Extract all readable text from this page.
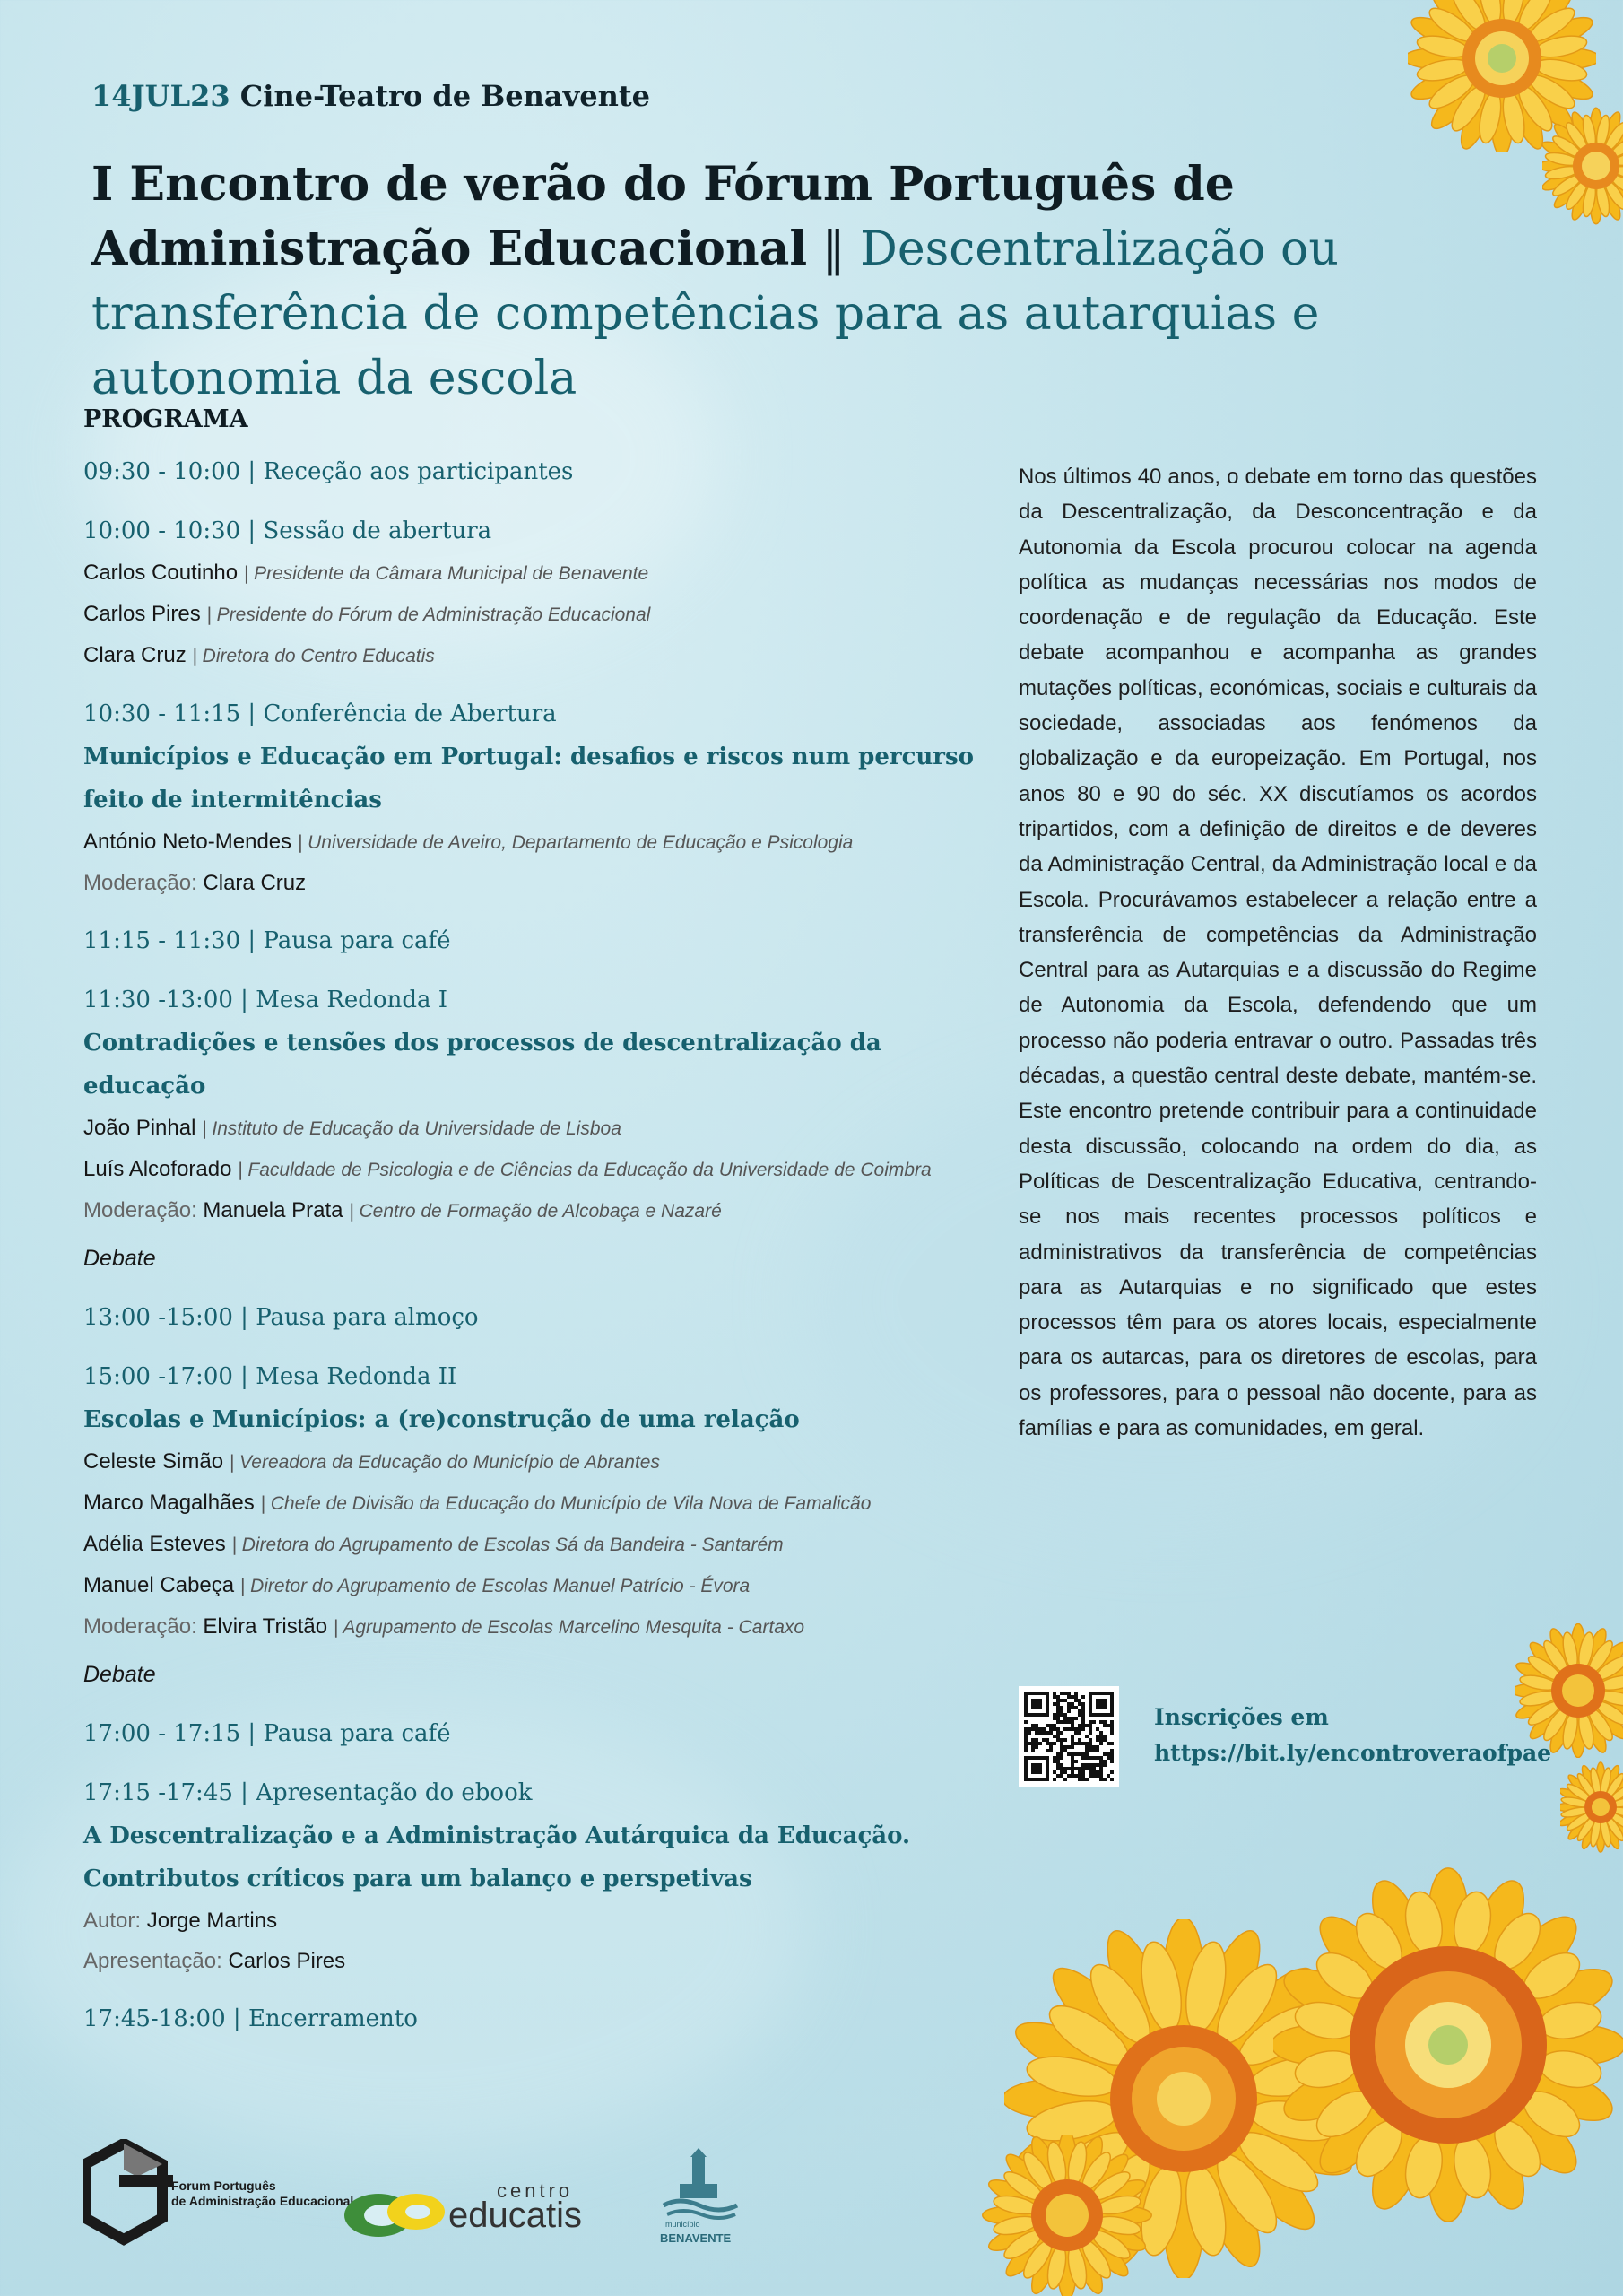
14JUL23 Cine-Teatro de Benavente
I Encontro de verão do Fórum Português de Administração Educacional ‖ Descentralização ou transferência de competências para as autarquias e autonomia da escola
PROGRAMA
09:30 - 10:00 | Receção aos participantes
10:00 - 10:30 | Sessão de abertura
Carlos Coutinho | Presidente da Câmara Municipal de Benavente
Carlos Pires | Presidente do Fórum de Administração Educacional
Clara Cruz | Diretora do Centro Educatis
10:30 - 11:15 | Conferência de Abertura
Municípios e Educação em Portugal: desafios e riscos num percurso feito de intermitências
António Neto-Mendes | Universidade de Aveiro, Departamento de Educação e Psicologia
Moderação: Clara Cruz
11:15 - 11:30 | Pausa para café
11:30 -13:00 | Mesa Redonda I
Contradições e tensões dos processos de descentralização da educação
João Pinhal | Instituto de Educação da Universidade de Lisboa
Luís Alcoforado | Faculdade de Psicologia e de Ciências da Educação da Universidade de Coimbra
Moderação: Manuela Prata | Centro de Formação de Alcobaça e Nazaré
Debate
13:00 -15:00 | Pausa para almoço
15:00 -17:00 | Mesa Redonda II
Escolas e Municípios: a (re)construção de uma relação
Celeste Simão | Vereadora da Educação do Município de Abrantes
Marco Magalhães | Chefe de Divisão da Educação do Município de Vila Nova de Famalicão
Adélia Esteves | Diretora do Agrupamento de Escolas Sá da Bandeira - Santarém
Manuel Cabeça | Diretor do Agrupamento de Escolas Manuel Patrício - Évora
Moderação: Elvira Tristão | Agrupamento de Escolas Marcelino Mesquita - Cartaxo
Debate
17:00 - 17:15 | Pausa para café
17:15 -17:45 | Apresentação do ebook
A Descentralização e a Administração Autárquica da Educação.
Contributos críticos para um balanço e perspetivas
Autor: Jorge Martins
Apresentação: Carlos Pires
17:45-18:00 | Encerramento
Nos últimos 40 anos, o debate em torno das questões da Descentralização, da Desconcentração e da Autonomia da Escola procurou colocar na agenda política as mudanças necessárias nos modos de coordenação e de regulação da Educação. Este debate acompanhou e acompanha as grandes mutações políticas, económicas, sociais e culturais da sociedade, associadas aos fenómenos da globalização e da europeização. Em Portugal, nos anos 80 e 90 do séc. XX discutíamos os acordos tripartidos, com a definição de direitos e de deveres da Administração Central, da Administração local e da Escola. Procurávamos estabelecer a relação entre a transferência de competências da Administração Central para as Autarquias e a discussão do Regime de Autonomia da Escola, defendendo que um processo não poderia entravar o outro. Passadas três décadas, a questão central deste debate, mantém-se. Este encontro pretende contribuir para a continuidade desta discussão, colocando na ordem do dia, as Políticas de Descentralização Educativa, centrando-se nos mais recentes processos políticos e administrativos da transferência de competências para as Autarquias e no significado que estes processos têm para os atores locais, especialmente para os autarcas, para os diretores de escolas, para os professores, para o pessoal não docente, para as famílias e para as comunidades, em geral.
Inscrições em
https://bit.ly/encontroveraofpae
Forum Português
de Administração Educacional	centro
educatis	município
BENAVENTE
